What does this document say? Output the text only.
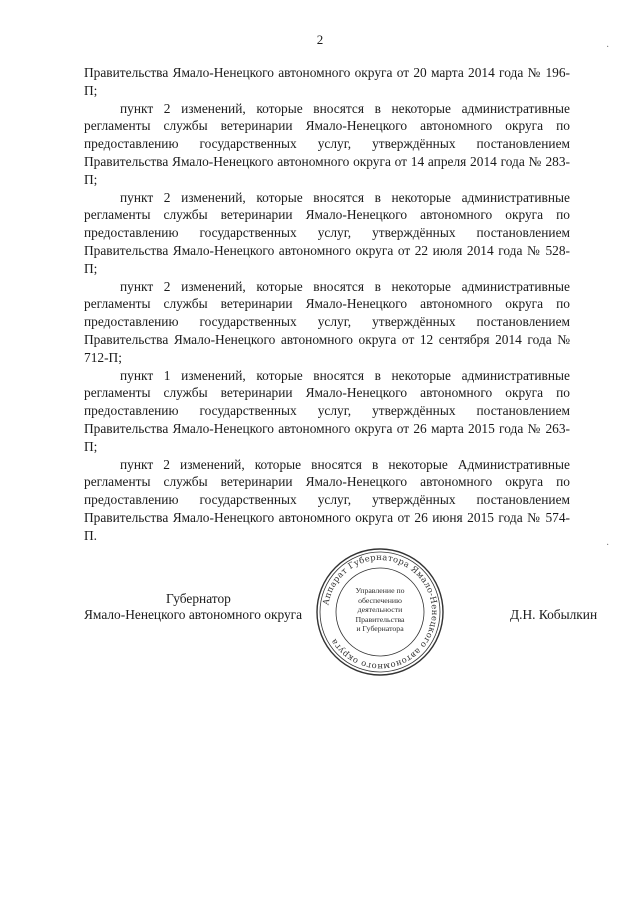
2

Правительства Ямало-Ненецкого автономного округа от 20 марта 2014 года № 196-П;

пункт 2 изменений, которые вносятся в некоторые административные регламенты службы ветеринарии Ямало-Ненецкого автономного округа по предоставлению государственных услуг, утверждённых постановлением Правительства Ямало-Ненецкого автономного округа от 14 апреля 2014 года № 283-П;

пункт 2 изменений, которые вносятся в некоторые административные регламенты службы ветеринарии Ямало-Ненецкого автономного округа по предоставлению государственных услуг, утверждённых постановлением Правительства Ямало-Ненецкого автономного округа от 22 июля 2014 года № 528-П;

пункт 2 изменений, которые вносятся в некоторые административные регламенты службы ветеринарии Ямало-Ненецкого автономного округа по предоставлению государственных услуг, утверждённых постановлением Правительства Ямало-Ненецкого автономного округа от 12 сентября 2014 года № 712-П;

пункт 1 изменений, которые вносятся в некоторые административные регламенты службы ветеринарии Ямало-Ненецкого автономного округа по предоставлению государственных услуг, утверждённых постановлением Правительства Ямало-Ненецкого автономного округа от 26 марта 2015 года № 263-П;

пункт 2 изменений, которые вносятся в некоторые Административные регламенты службы ветеринарии Ямало-Ненецкого автономного округа по предоставлению государственных услуг, утверждённых постановлением Правительства Ямало-Ненецкого автономного округа от 26 июня 2015 года № 574-П.

Губернатор
Ямало-Ненецкого автономного округа	Д.Н. Кобылкин
Аппарат Губернатора Ямало-Ненецкого автономного округа
Управление по
обеспечению
деятельности
Правительства
и Губернатора
·
·
